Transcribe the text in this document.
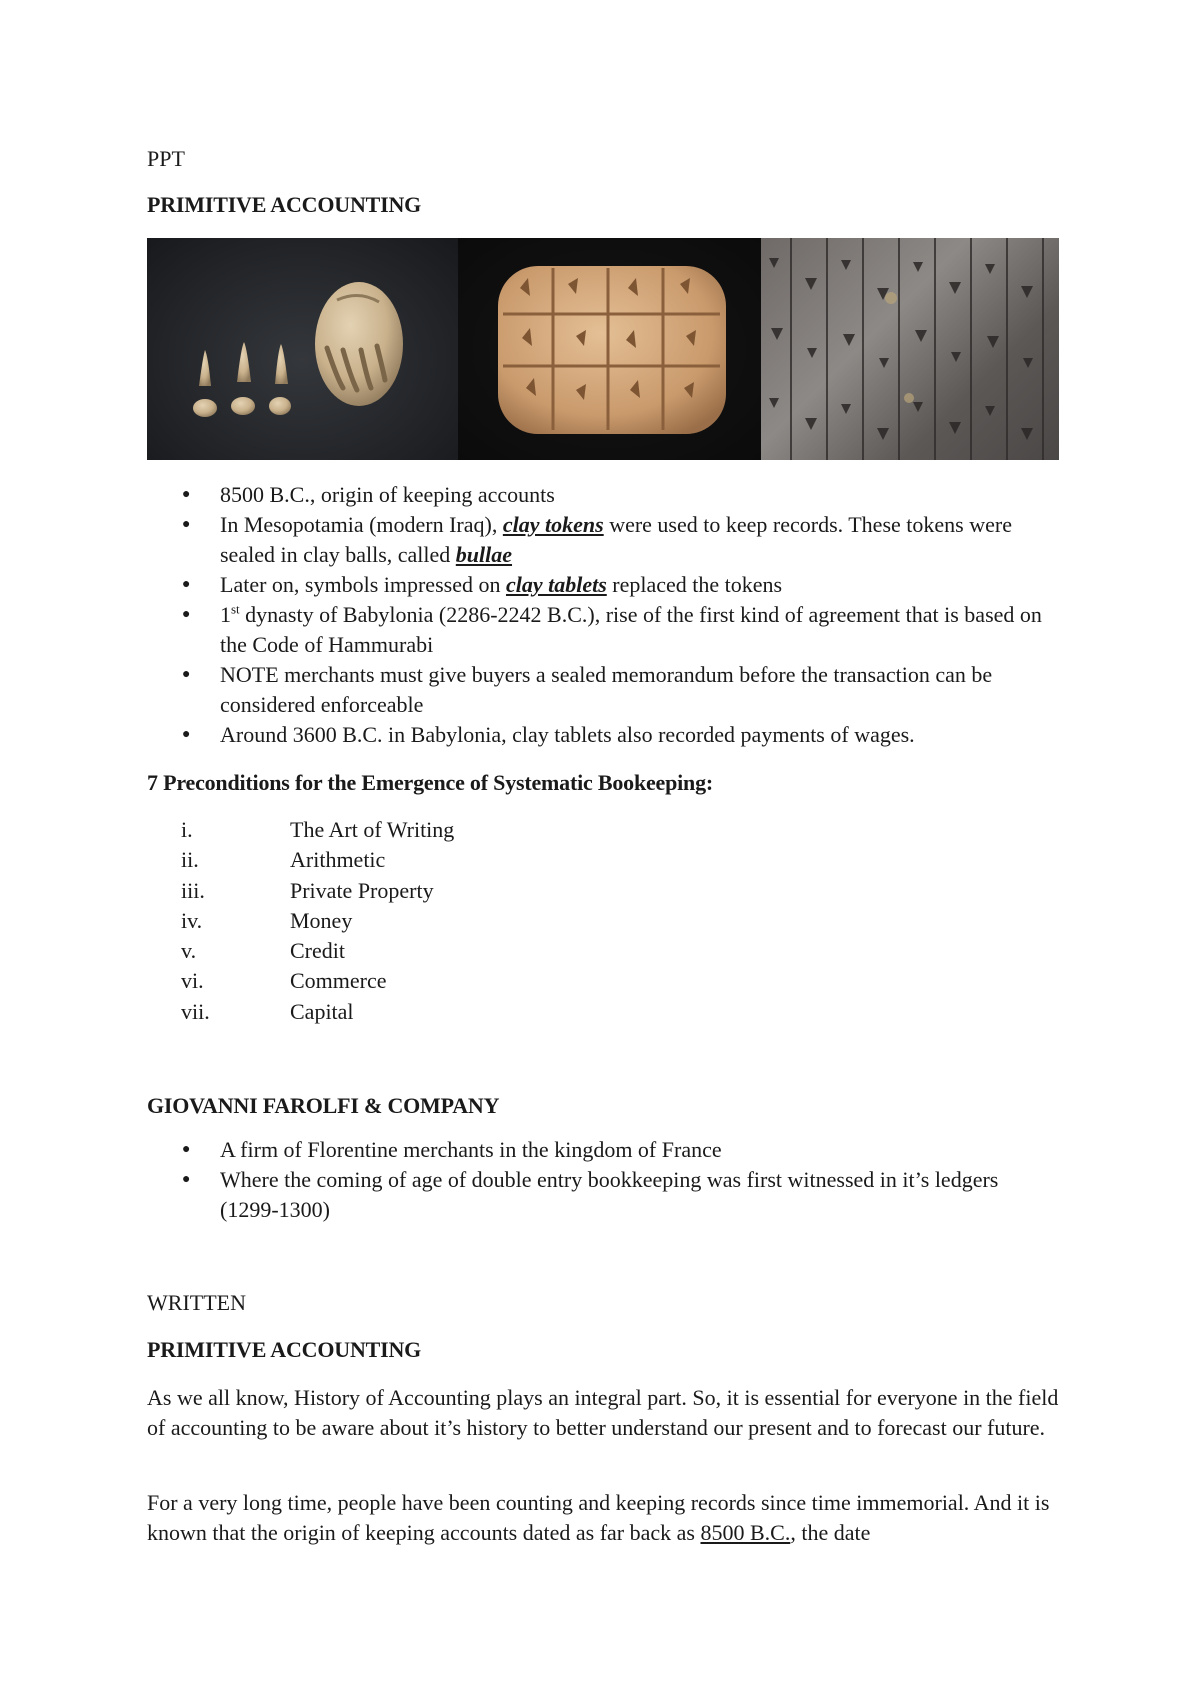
PPT
PRIMITIVE ACCOUNTING
● 8500 B.C., origin of keeping accounts
● In Mesopotamia (modern Iraq), clay tokens were used to keep records. These tokens were sealed in clay balls, called bullae
● Later on, symbols impressed on clay tablets replaced the tokens
● 1st dynasty of Babylonia (2286-2242 B.C.), rise of the first kind of agreement that is based on the Code of Hammurabi
● NOTE merchants must give buyers a sealed memorandum before the transaction can be considered enforceable
● Around 3600 B.C. in Babylonia, clay tablets also recorded payments of wages.
7 Preconditions for the Emergence of Systematic Bookeeping:
i.	The Art of Writing
ii.	Arithmetic
iii.	Private Property
iv.	Money
v.	Credit
vi.	Commerce
vii.	Capital
GIOVANNI FAROLFI & COMPANY
● A firm of Florentine merchants in the kingdom of France
● Where the coming of age of double entry bookkeeping was first witnessed in it’s ledgers (1299-1300)
WRITTEN
PRIMITIVE ACCOUNTING

As we all know, History of Accounting plays an integral part. So, it is essential for everyone in the field of accounting to be aware about it’s history to better understand our present and to forecast our future.

For a very long time, people have been counting and keeping records since time immemorial. And it is known that the origin of keeping accounts dated as far back as 8500 B.C., the date
